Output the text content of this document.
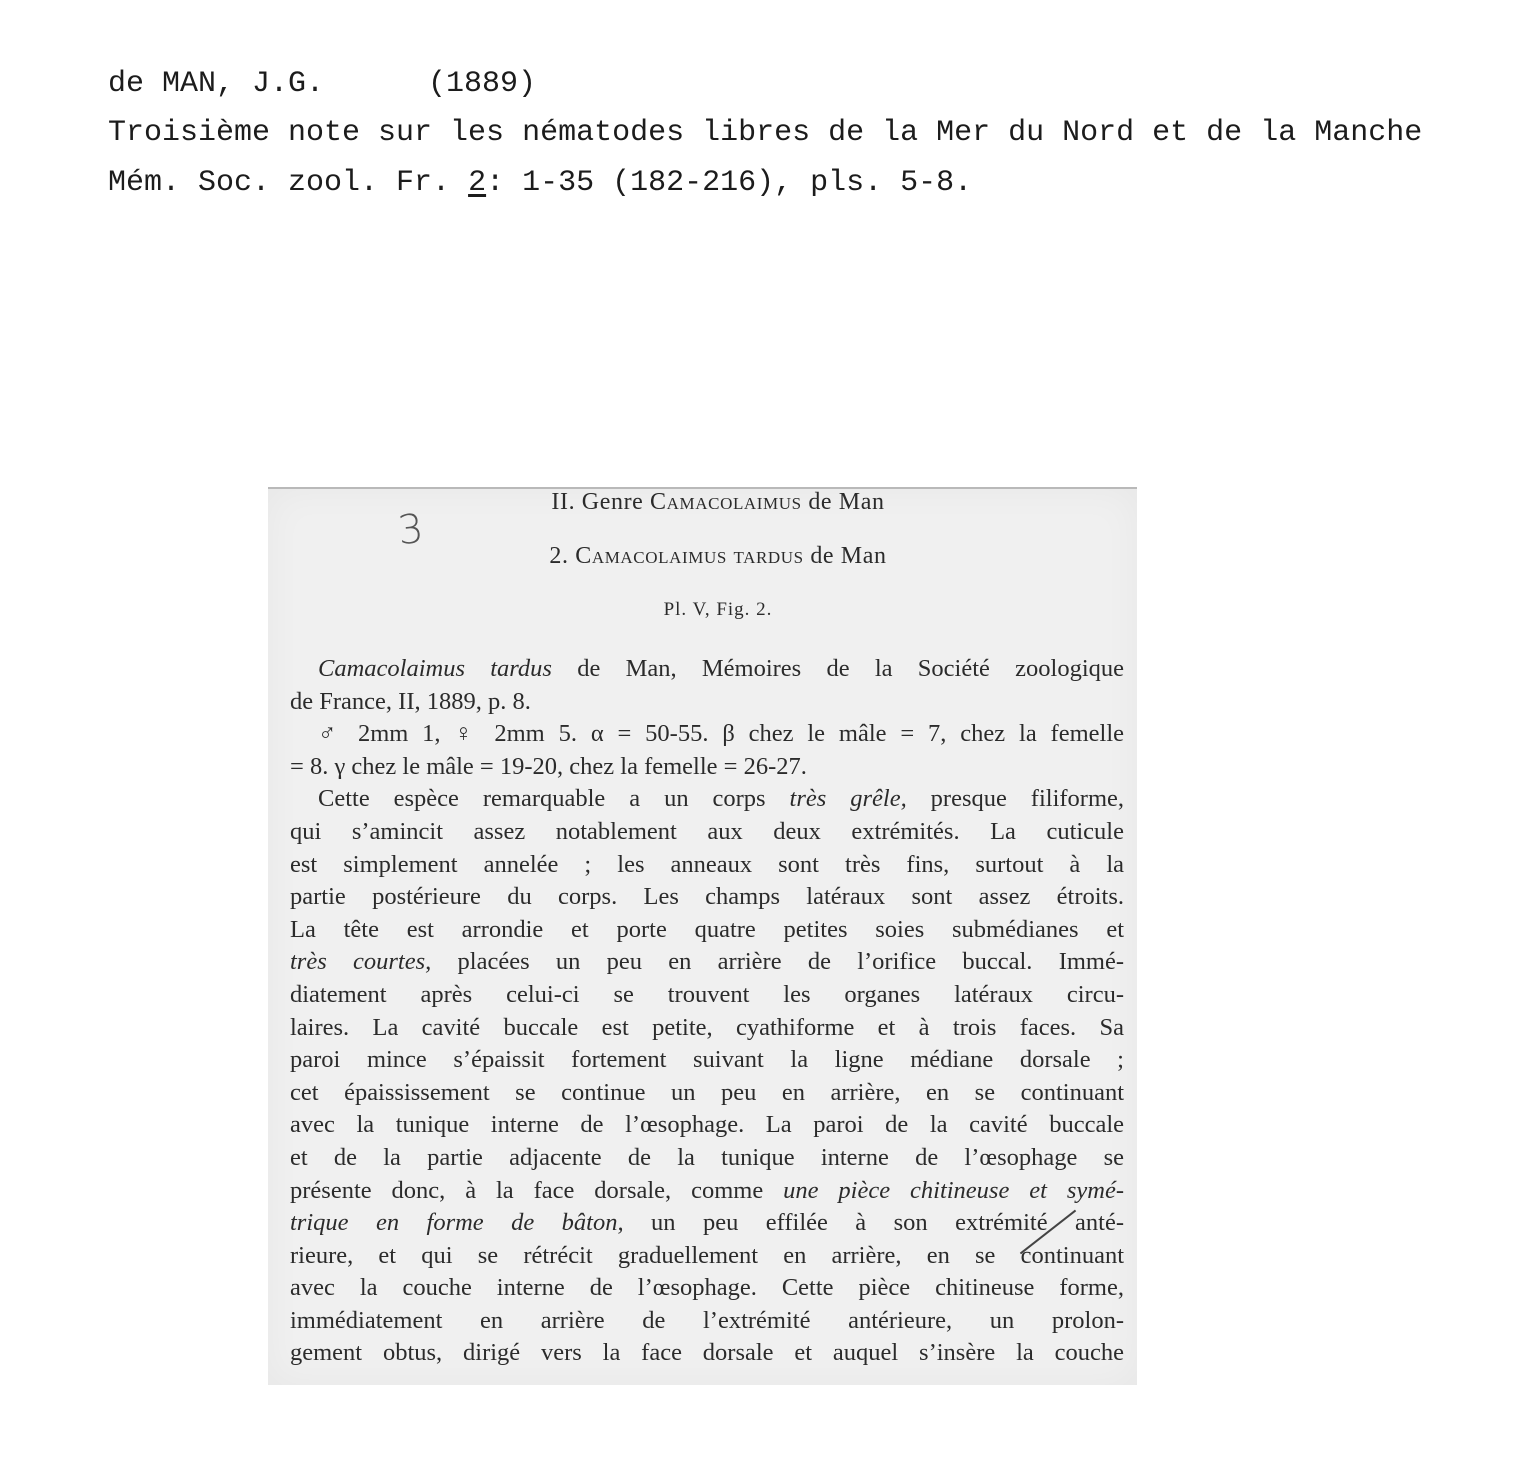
de MAN, J.G.	(1889)
Troisième note sur les nématodes libres de la Mer du Nord et de la Manche
Mém. Soc. zool. Fr. 2: 1-35 (182-216), pls. 5-8.
3
II. Genre Camacolaimus de Man
2. Camacolaimus tardus de Man
Pl. V, Fig. 2.
Camacolaimus tardus de Man, Mémoires de la Société zoologique
de France, II, 1889, p. 8.
♂ 2mm 1, ♀ 2mm 5. α = 50-55. β chez le mâle = 7, chez la femelle
= 8. γ chez le mâle = 19-20, chez la femelle = 26-27.
Cette espèce remarquable a un corps très grêle, presque filiforme,
qui s’amincit assez notablement aux deux extrémités. La cuticule
est simplement annelée ; les anneaux sont très fins, surtout à la
partie postérieure du corps. Les champs latéraux sont assez étroits.
La tête est arrondie et porte quatre petites soies submédianes et
très courtes, placées un peu en arrière de l’orifice buccal. Immé-
diatement après celui-ci se trouvent les organes latéraux circu-
laires. La cavité buccale est petite, cyathiforme et à trois faces. Sa
paroi mince s’épaissit fortement suivant la ligne médiane dorsale ;
cet épaississement se continue un peu en arrière, en se continuant
avec la tunique interne de l’œsophage. La paroi de la cavité buccale
et de la partie adjacente de la tunique interne de l’œsophage se
présente donc, à la face dorsale, comme une pièce chitineuse et symé-
trique en forme de bâton, un peu effilée à son extrémité anté-
rieure, et qui se rétrécit graduellement en arrière, en se continuant
avec la couche interne de l’œsophage. Cette pièce chitineuse forme,
immédiatement en arrière de l’extrémité antérieure, un prolon-
gement obtus, dirigé vers la face dorsale et auquel s’insère la couche
